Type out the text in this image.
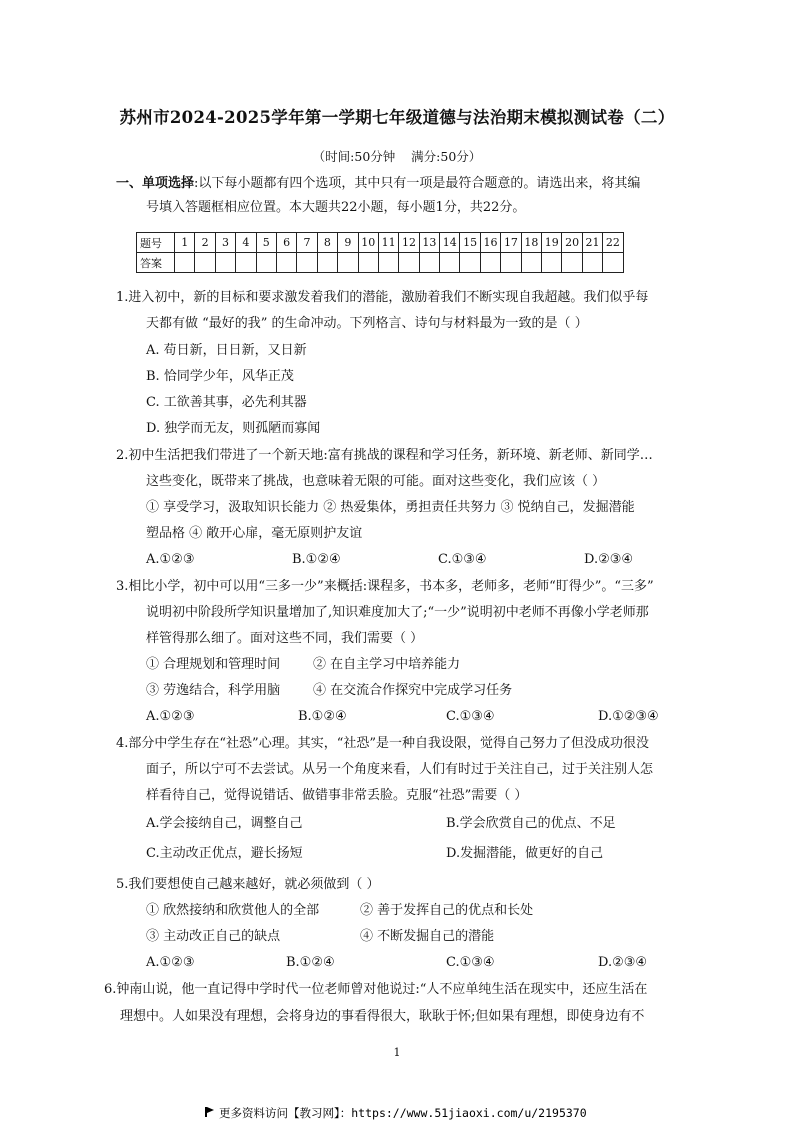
苏州市2024-2025学年第一学期七年级道德与法治期末模拟测试卷（二）
（时间:50分钟    满分:50分）
一、单项选择:以下每小题都有四个选项，其中只有一项是最符合题意的。请选出来，将其编
号填入答题框相应位置。本大题共22小题，每小题1分，共22分。
题号	1	2	3	4	5	6	7	8	9	10	11	12	13	14	15	16	17	18	19	20	21	22
答案																						
1.进入初中，新的目标和要求激发着我们的潜能，激励着我们不断实现自我超越。我们似乎每
天都有做 “最好的我” 的生命冲动。下列格言、诗句与材料最为一致的是（ ）
A. 苟日新，日日新，又日新
B. 恰同学少年，风华正茂
C. 工欲善其事，必先利其器
D. 独学而无友，则孤陋而寡闻
2.初中生活把我们带进了一个新天地:富有挑战的课程和学习任务，新环境、新老师、新同学…
这些变化，既带来了挑战，也意味着无限的可能。面对这些变化，我们应该（ ）
① 享受学习，汲取知识长能力 ② 热爱集体，勇担责任共努力 ③ 悦纳自己，发掘潜能
塑品格 ④ 敞开心扉，毫无原则护友谊
A.①②③	B.①②④	C.①③④	D.②③④
3.相比小学，初中可以用“三多一少”来概括:课程多，书本多，老师多，老师“盯得少”。“三多”
说明初中阶段所学知识量增加了,知识难度加大了;“一少”说明初中老师不再像小学老师那
样管得那么细了。面对这些不同，我们需要（ ）
① 合理规划和管理时间	② 在自主学习中培养能力
③ 劳逸结合，科学用脑	④ 在交流合作探究中完成学习任务
A.①②③	B.①②④	C.①③④	D.①②③④
4.部分中学生存在“社恐”心理。其实，“社恐”是一种自我设限，觉得自己努力了但没成功很没
面子，所以宁可不去尝试。从另一个角度来看，人们有时过于关注自己，过于关注别人怎
样看待自己，觉得说错话、做错事非常丢脸。克服“社恐”需要（ ）
A.学会接纳自己，调整自己	B.学会欣赏自己的优点、不足
C.主动改正优点，避长扬短	D.发掘潜能，做更好的自己
5.我们要想使自己越来越好，就必须做到（ ）
① 欣然接纳和欣赏他人的全部	② 善于发挥自己的优点和长处
③ 主动改正自己的缺点	④ 不断发掘自己的潜能
A.①②③	B.①②④	C.①③④	D.②③④
6.钟南山说，他一直记得中学时代一位老师曾对他说过:“人不应单纯生活在现实中，还应生活在
理想中。人如果没有理想，会将身边的事看得很大，耿耿于怀;但如果有理想，即使身边有不
1
更多资料访问【教习网】：https://www.51jiaoxi.com/u/2195370
